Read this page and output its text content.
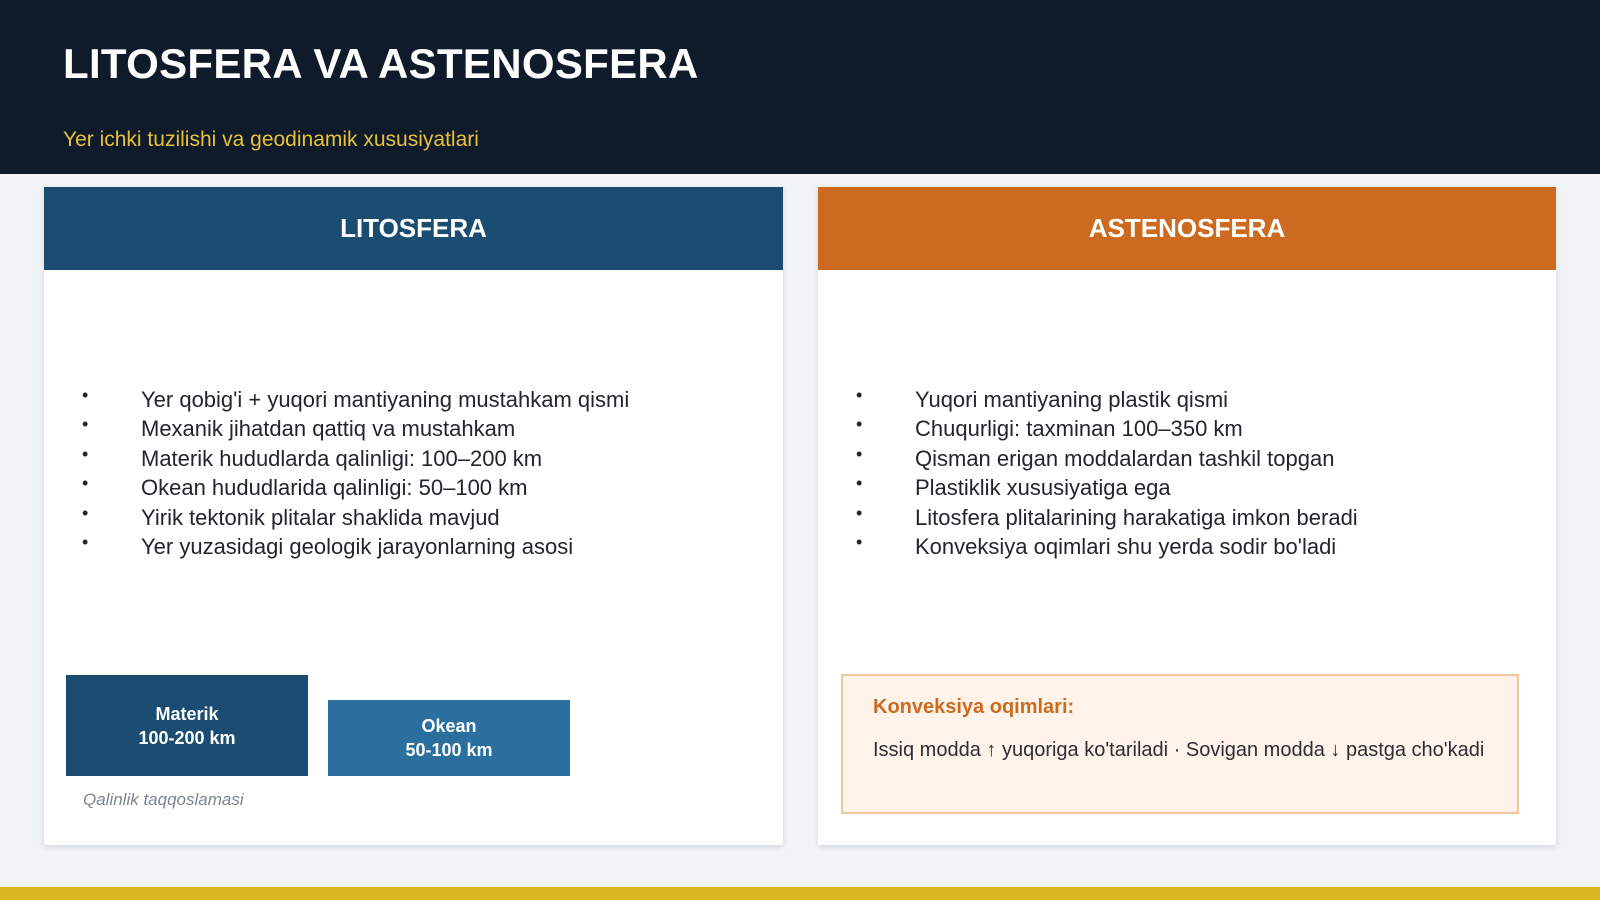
LITOSFERA VA ASTENOSFERA
Yer ichki tuzilishi va geodinamik xususiyatlari
LITOSFERA
• Yer qobig'i + yuqori mantiyaning mustahkam qismi
• Mexanik jihatdan qattiq va mustahkam
• Materik hududlarda qalinligi: 100–200 km
• Okean hududlarida qalinligi: 50–100 km
• Yirik tektonik plitalar shaklida mavjud
• Yer yuzasidagi geologik jarayonlarning asosi
Materik
100-200 km
Okean
50-100 km
Qalinlik taqqoslamasi
ASTENOSFERA
• Yuqori mantiyaning plastik qismi
• Chuqurligi: taxminan 100–350 km
• Qisman erigan moddalardan tashkil topgan
• Plastiklik xususiyatiga ega
• Litosfera plitalarining harakatiga imkon beradi
• Konveksiya oqimlari shu yerda sodir bo'ladi
Konveksiya oqimlari:
Issiq modda ↑ yuqoriga ko'tariladi · Sovigan modda ↓ pastga cho'kadi
